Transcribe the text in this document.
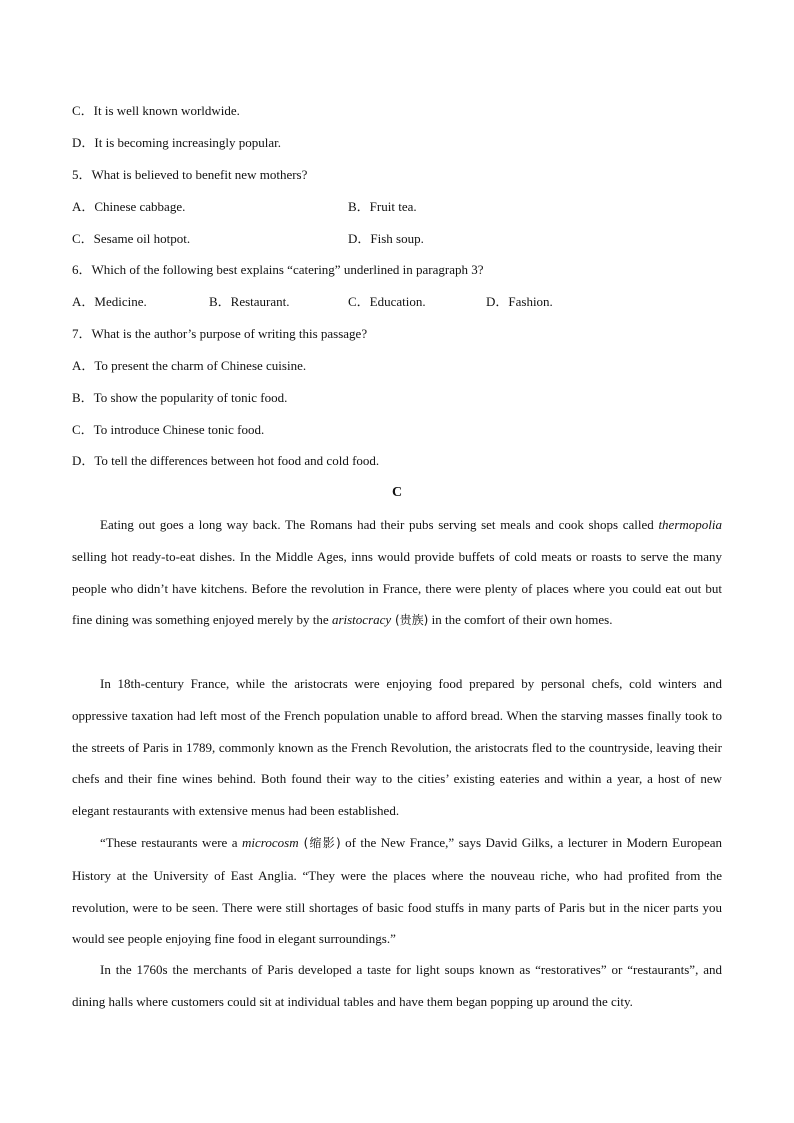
C．It is well known worldwide.
D．It is becoming increasingly popular.
5．What is believed to benefit new mothers?
A．Chinese cabbage.	B．Fruit tea.
C．Sesame oil hotpot.	D．Fish soup.
6．Which of the following best explains “catering” underlined in paragraph 3?
A．Medicine.	B．Restaurant.	C．Education.	D．Fashion.
7．What is the author’s purpose of writing this passage?
A．To present the charm of Chinese cuisine.
B．To show the popularity of tonic food.
C．To introduce Chinese tonic food.
D．To tell the differences between hot food and cold food.
C

Eating out goes a long way back. The Romans had their pubs serving set meals and cook shops called thermopolia selling hot ready-to-eat dishes. In the Middle Ages, inns would provide buffets of cold meats or roasts to serve the many people who didn’t have kitchens. Before the revolution in France, there were plenty of places where you could eat out but fine dining was something enjoyed merely by the aristocracy (贵族) in the comfort of their own homes.

In 18th-century France, while the aristocrats were enjoying food prepared by personal chefs, cold winters and oppressive taxation had left most of the French population unable to afford bread. When the starving masses finally took to the streets of Paris in 1789, commonly known as the French Revolution, the aristocrats fled to the countryside, leaving their chefs and their fine wines behind. Both found their way to the cities’ existing eateries and within a year, a host of new elegant restaurants with extensive menus had been established.

“These restaurants were a microcosm (缩影) of the New France,” says David Gilks, a lecturer in Modern European History at the University of East Anglia. “They were the places where the nouveau riche, who had profited from the revolution, were to be seen. There were still shortages of basic food stuffs in many parts of Paris but in the nicer parts you would see people enjoying fine food in elegant surroundings.”

In the 1760s the merchants of Paris developed a taste for light soups known as “restoratives” or “restaurants”, and dining halls where customers could sit at individual tables and have them began popping up around the city.
